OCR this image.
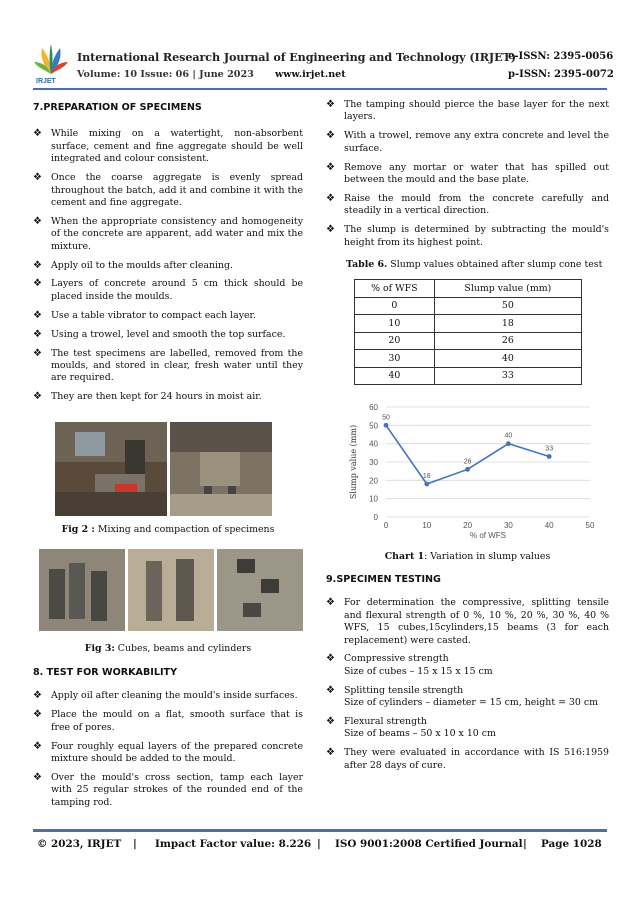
IRJET
International Research Journal of Engineering and Technology (IRJET)
e-ISSN: 2395-0056
Volume: 10 Issue: 06 | June 2023 www.irjet.net	p-ISSN: 2395-0072
7.PREPARATION OF SPECIMENS
❖ While mixing on a watertight, non-absorbent surface, cement and fine aggregate should be well integrated and colour consistent.
❖ Once the coarse aggregate is evenly spread throughout the batch, add it and combine it with the cement and fine aggregate.
❖ When the appropriate consistency and homogeneity of the concrete are apparent, add water and mix the mixture.
❖ Apply oil to the moulds after cleaning.
❖ Layers of concrete around 5 cm thick should be placed inside the moulds.
❖ Use a table vibrator to compact each layer.
❖ Using a trowel, level and smooth the top surface.
❖ The test specimens are labelled, removed from the moulds, and stored in clear, fresh water until they are required.
❖ They are then kept for 24 hours in moist air.
Fig 2 : Mixing and compaction of specimens
Fig 3: Cubes, beams and cylinders
8. TEST FOR WORKABILITY
❖ Apply oil after cleaning the mould's inside surfaces.
❖ Place the mould on a flat, smooth surface that is free of pores.
❖ Four roughly equal layers of the prepared concrete mixture should be added to the mould.
❖ Over the mould's cross section, tamp each layer with 25 regular strokes of the rounded end of the tamping rod.
❖ The tamping should pierce the base layer for the next layers.
❖ With a trowel, remove any extra concrete and level the surface.
❖ Remove any mortar or water that has spilled out between the mould and the base plate.
❖ Raise the mould from the concrete carefully and steadily in a vertical direction.
❖ The slump is determined by subtracting the mould's height from its highest point.
Table 6. Slump values obtained after slump cone test
% of WFS	Slump value (mm)
0	50
10	18
20	26
30	40
40	33
0
10
20
30
40
50
60
0	10	20	30	40	50
% of WFS
Slump value (mm)
50
18
26
40
33
Chart 1: Variation in slump values
9.SPECIMEN TESTING
❖ For determination the compressive, splitting tensile and flexural strength of 0 %, 10 %, 20 %, 30 %, 40 % WFS, 15 cubes,15cylinders,15 beams (3 for each replacement) were casted.
❖ Compressive strength
Size of cubes – 15 x 15 x 15 cm
❖ Splitting tensile strength
Size of cylinders – diameter = 15 cm, height = 30 cm
❖ Flexural strength
Size of beams – 50 x 10 x 10 cm
❖ They were evaluated in accordance with IS 516:1959 after 28 days of cure.
© 2023, IRJET | Impact Factor value: 8.226 | ISO 9001:2008 Certified Journal | Page 1028
